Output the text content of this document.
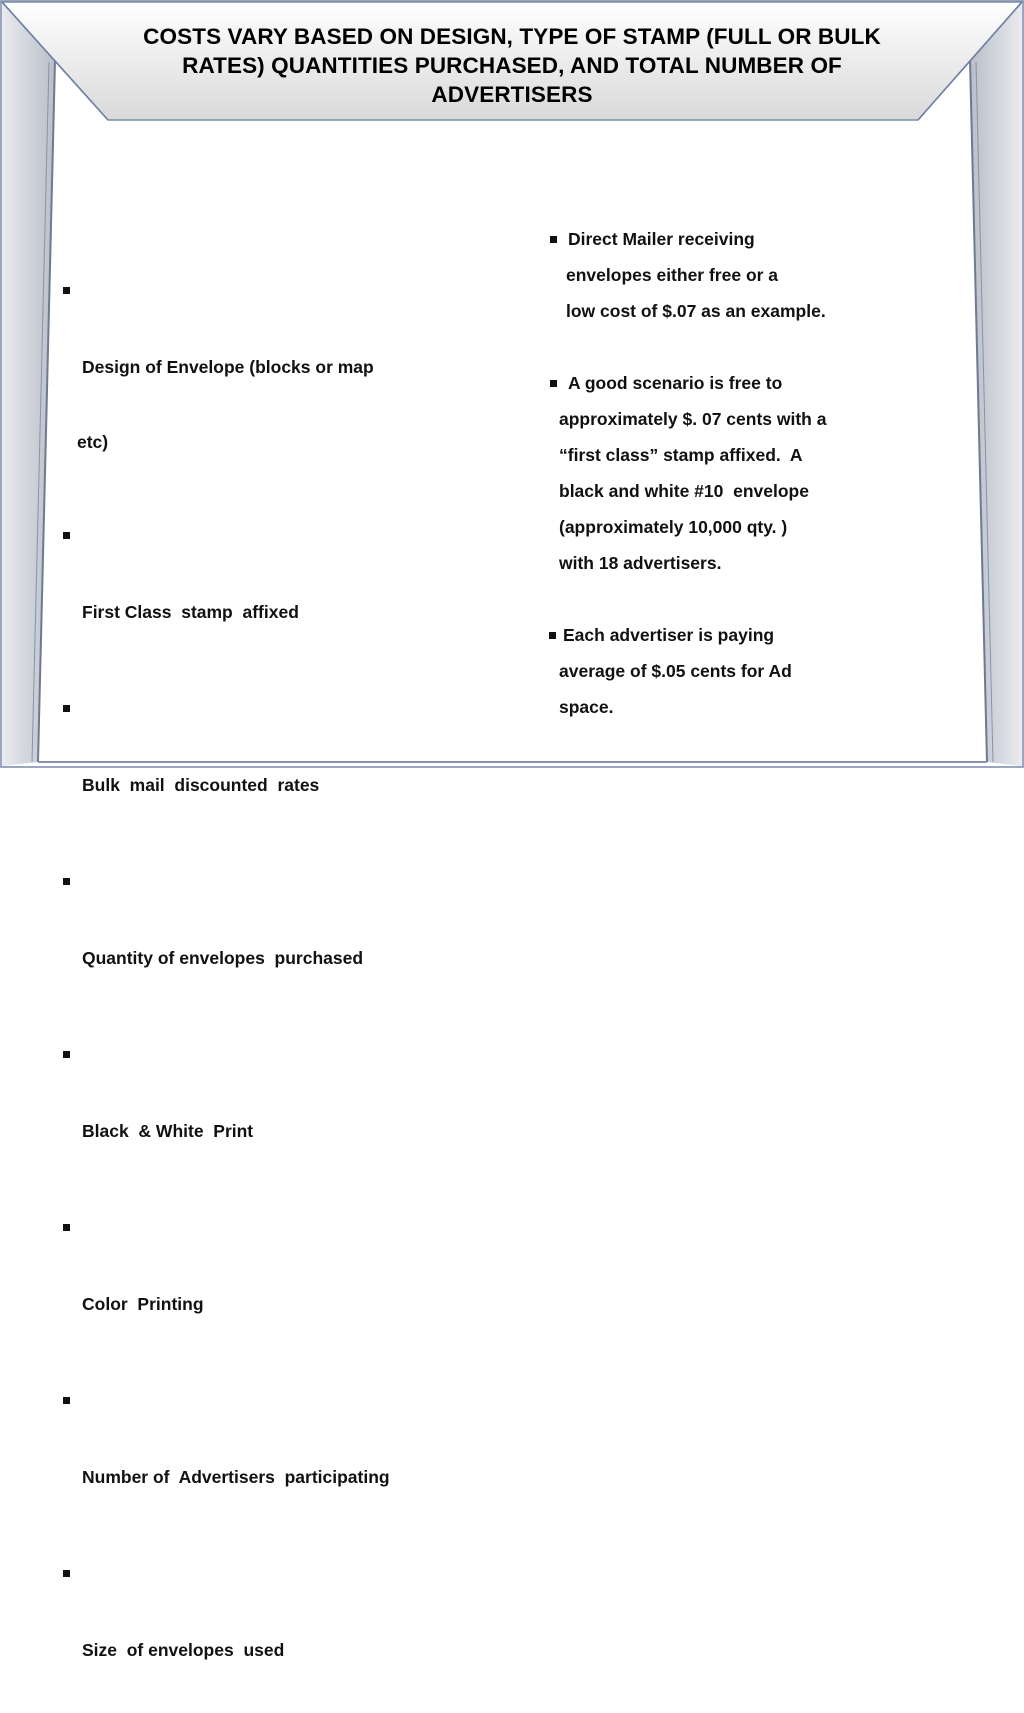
COSTS VARY BASED ON DESIGN, TYPE OF STAMP (FULL OR BULK
RATES) QUANTITIES PURCHASED, AND TOTAL NUMBER OF
ADVERTISERS

Design of Envelope (blocks or map

etc)

First Class  stamp  affixed

Bulk  mail  discounted  rates

Quantity of envelopes  purchased

Black  & White  Print

Color  Printing

Number of  Advertisers  participating

Size  of envelopes  used

Direct Mailer receiving
envelopes either free or a
low cost of $.07 as an example.
A good scenario is free to
approximately $. 07 cents with a
“first class” stamp affixed.  A
black and white #10  envelope
(approximately 10,000 qty. )
with 18 advertisers.
Each advertiser is paying
average of $.05 cents for Ad
space.
